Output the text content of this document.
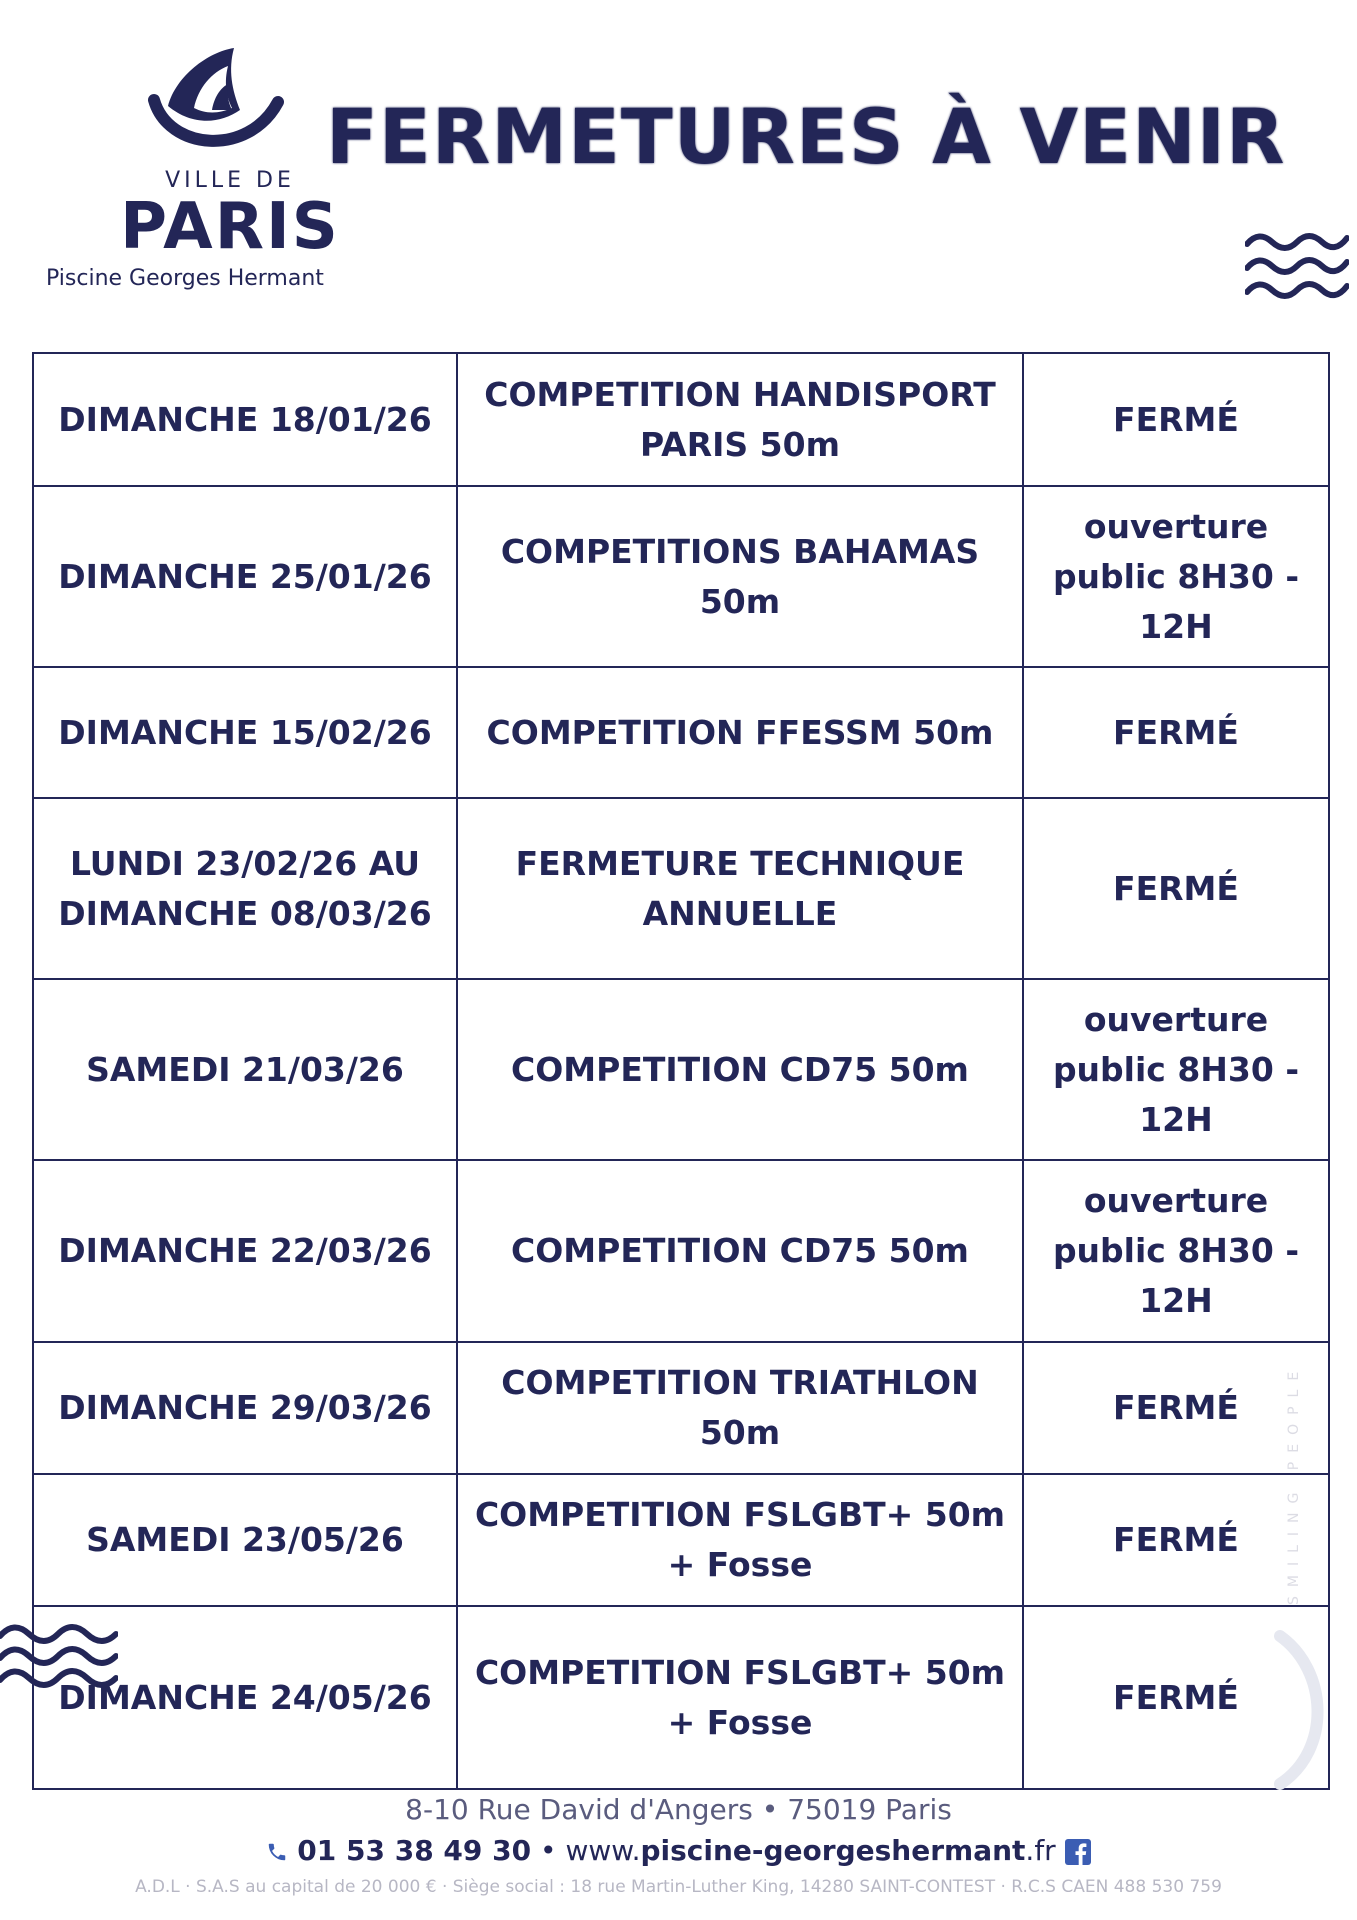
VILLE DE
PARIS
Piscine Georges Hermant
FERMETURES À VENIR
DIMANCHE 18/01/26	COMPETITION HANDISPORT PARIS 50m	FERMÉ
DIMANCHE 25/01/26	COMPETITIONS BAHAMAS 50m	ouverture public 8H30 - 12H
DIMANCHE 15/02/26	COMPETITION FFESSM 50m	FERMÉ
LUNDI 23/02/26 AU DIMANCHE 08/03/26	FERMETURE TECHNIQUE ANNUELLE	FERMÉ
SAMEDI 21/03/26	COMPETITION CD75 50m	ouverture public 8H30 - 12H
DIMANCHE 22/03/26	COMPETITION CD75 50m	ouverture public 8H30 - 12H
DIMANCHE 29/03/26	COMPETITION TRIATHLON 50m	FERMÉ
SAMEDI 23/05/26	COMPETITION FSLGBT+ 50m + Fosse	FERMÉ
DIMANCHE 24/05/26	COMPETITION FSLGBT+ 50m + Fosse	FERMÉ
SMILING PEOPLE
8-10 Rue David d'Angers • 75019 Paris
01 53 38 49 30 • www.piscine-georgeshermant.fr
A.D.L · S.A.S au capital de 20 000 € · Siège social : 18 rue Martin-Luther King, 14280 SAINT-CONTEST · R.C.S CAEN 488 530 759
